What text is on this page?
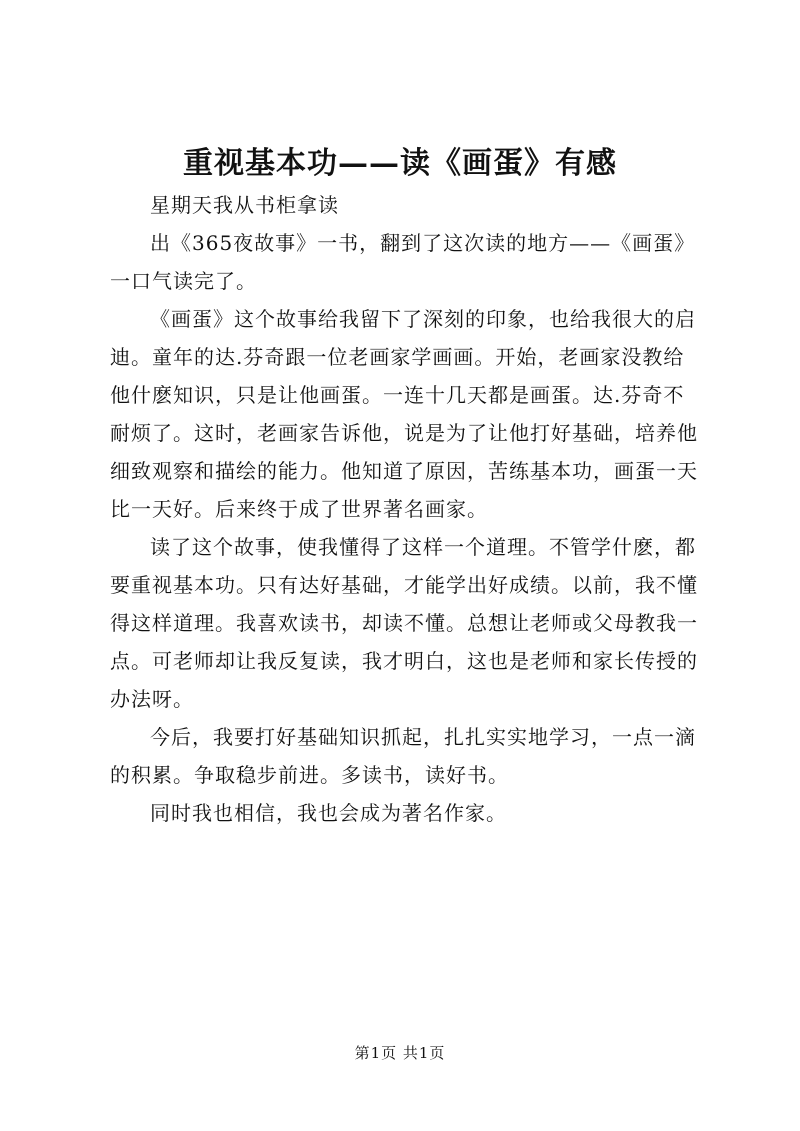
重视基本功——读《画蛋》有感
星期天我从书柜拿读
出《365夜故事》一书，翻到了这次读的地方——《画蛋》
一口气读完了。
《画蛋》这个故事给我留下了深刻的印象，也给我很大的启
迪。童年的达.芬奇跟一位老画家学画画。开始，老画家没教给
他什麽知识，只是让他画蛋。一连十几天都是画蛋。达.芬奇不
耐烦了。这时，老画家告诉他，说是为了让他打好基础，培养他
细致观察和描绘的能力。他知道了原因，苦练基本功，画蛋一天
比一天好。后来终于成了世界著名画家。
读了这个故事，使我懂得了这样一个道理。不管学什麽，都
要重视基本功。只有达好基础，才能学出好成绩。以前，我不懂
得这样道理。我喜欢读书，却读不懂。总想让老师或父母教我一
点。可老师却让我反复读，我才明白，这也是老师和家长传授的
办法呀。
今后，我要打好基础知识抓起，扎扎实实地学习，一点一滴
的积累。争取稳步前进。多读书，读好书。
同时我也相信，我也会成为著名作家。
第1页 共1页
